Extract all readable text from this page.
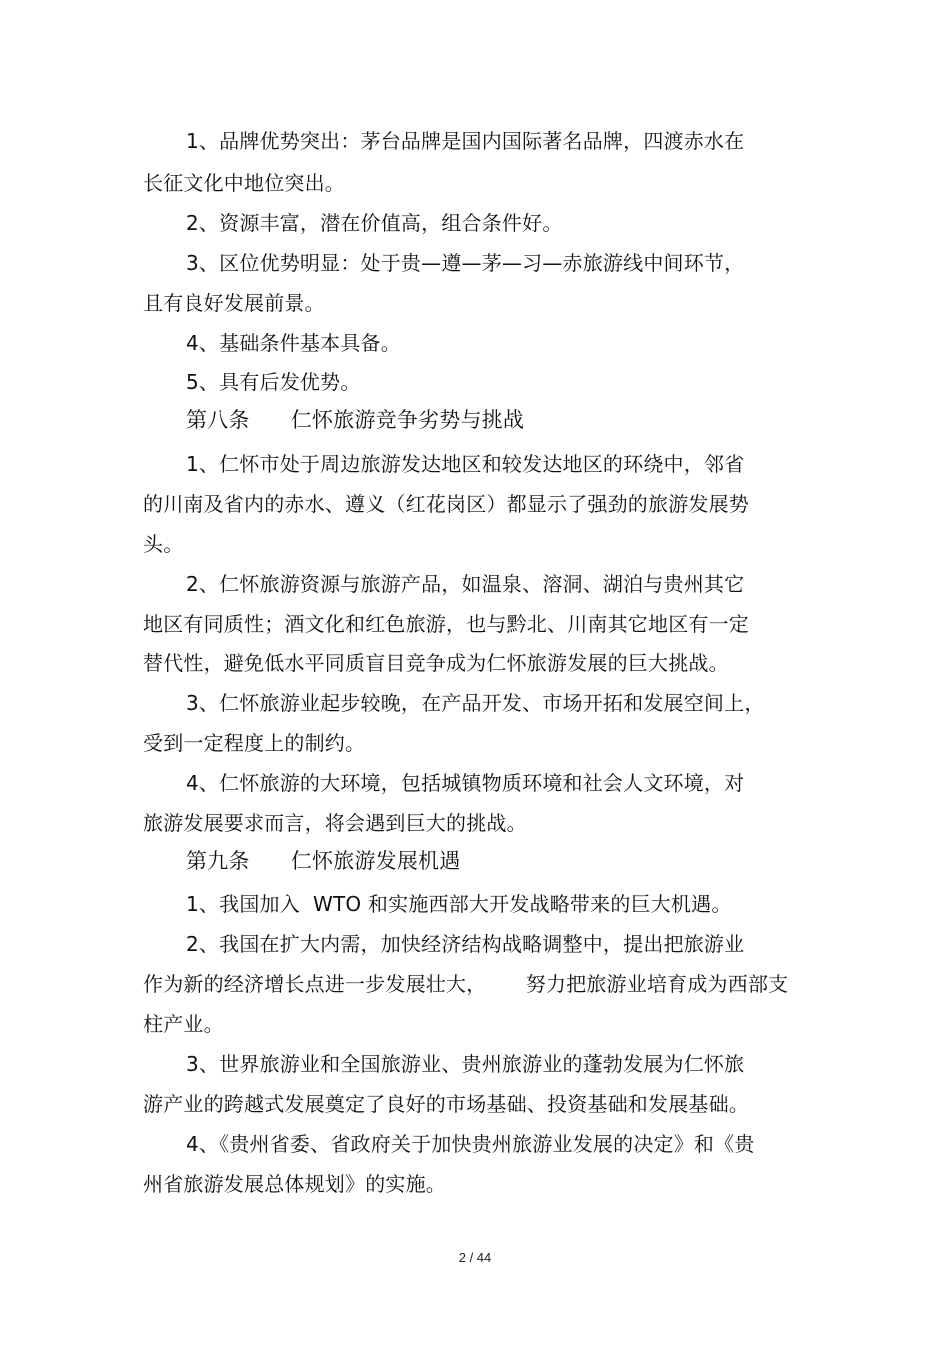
1、品牌优势突出：茅台品牌是国内国际著名品牌，四渡赤水在
长征文化中地位突出。
2、资源丰富，潜在价值高，组合条件好。
3、区位优势明显：处于贵—遵—茅—习—赤旅游线中间环节，
且有良好发展前景。
4、基础条件基本具备。
5、具有后发优势。
第八条      仁怀旅游竞争劣势与挑战
1、仁怀市处于周边旅游发达地区和较发达地区的环绕中，邻省
的川南及省内的赤水、遵义（红花岗区）都显示了强劲的旅游发展势
头。
2、仁怀旅游资源与旅游产品，如温泉、溶洞、湖泊与贵州其它
地区有同质性；酒文化和红色旅游，也与黔北、川南其它地区有一定
替代性，避免低水平同质盲目竞争成为仁怀旅游发展的巨大挑战。
3、仁怀旅游业起步较晚，在产品开发、市场开拓和发展空间上，
受到一定程度上的制约。
4、仁怀旅游的大环境，包括城镇物质环境和社会人文环境，对
旅游发展要求而言，将会遇到巨大的挑战。
第九条      仁怀旅游发展机遇
1、我国加入  WTO 和实施西部大开发战略带来的巨大机遇。
2、我国在扩大内需，加快经济结构战略调整中，提出把旅游业
作为新的经济增长点进一步发展壮大，      努力把旅游业培育成为西部支
柱产业。
3、世界旅游业和全国旅游业、贵州旅游业的蓬勃发展为仁怀旅
游产业的跨越式发展奠定了良好的市场基础、投资基础和发展基础。
4、《贵州省委、省政府关于加快贵州旅游业发展的决定》和《贵
州省旅游发展总体规划》的实施。
2 / 44
